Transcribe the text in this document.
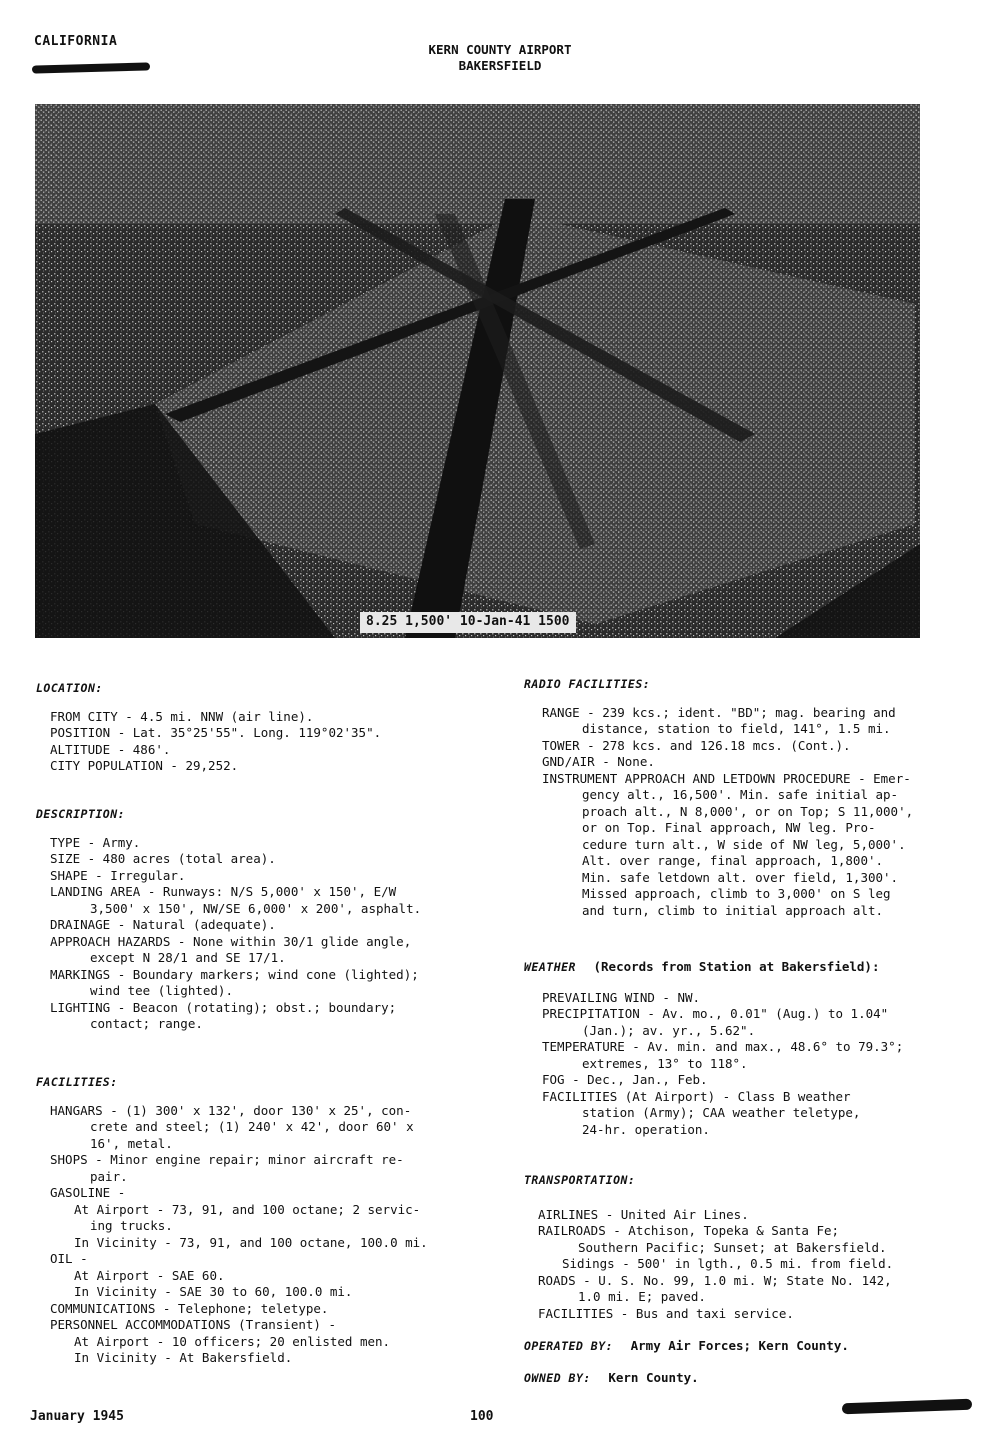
CALIFORNIA
KERN COUNTY AIRPORT
BAKERSFIELD
8.25 1,500' 10-Jan-41 1500
LOCATION:
FROM CITY - 4.5 mi. NNW (air line).
POSITION - Lat. 35°25'55". Long. 119°02'35".
ALTITUDE - 486'.
CITY POPULATION - 29,252.
DESCRIPTION:
TYPE - Army.
SIZE - 480 acres (total area).
SHAPE - Irregular.
LANDING AREA - Runways: N/S 5,000' x 150', E/W
3,500' x 150', NW/SE 6,000' x 200', asphalt.
DRAINAGE - Natural (adequate).
APPROACH HAZARDS - None within 30/1 glide angle,
except N 28/1 and SE 17/1.
MARKINGS - Boundary markers; wind cone (lighted);
wind tee (lighted).
LIGHTING - Beacon (rotating); obst.; boundary;
contact; range.
FACILITIES:
HANGARS - (1) 300' x 132', door 130' x 25', con-
crete and steel; (1) 240' x 42', door 60' x
16', metal.
SHOPS - Minor engine repair; minor aircraft re-
pair.
GASOLINE -
At Airport - 73, 91, and 100 octane; 2 servic-
ing trucks.
In Vicinity - 73, 91, and 100 octane, 100.0 mi.
OIL -
At Airport - SAE 60.
In Vicinity - SAE 30 to 60, 100.0 mi.
COMMUNICATIONS - Telephone; teletype.
PERSONNEL ACCOMMODATIONS (Transient) -
At Airport - 10 officers; 20 enlisted men.
In Vicinity - At Bakersfield.
RADIO FACILITIES:
RANGE - 239 kcs.; ident. "BD"; mag. bearing and
distance, station to field, 141°, 1.5 mi.
TOWER - 278 kcs. and 126.18 mcs. (Cont.).
GND/AIR - None.
INSTRUMENT APPROACH AND LETDOWN PROCEDURE - Emer-
gency alt., 16,500'. Min. safe initial ap-
proach alt., N 8,000', or on Top; S 11,000',
or on Top. Final approach, NW leg. Pro-
cedure turn alt., W side of NW leg, 5,000'.
Alt. over range, final approach, 1,800'.
Min. safe letdown alt. over field, 1,300'.
Missed approach, climb to 3,000' on S leg
and turn, climb to initial approach alt.
WEATHER (Records from Station at Bakersfield):
PREVAILING WIND - NW.
PRECIPITATION - Av. mo., 0.01" (Aug.) to 1.04"
(Jan.); av. yr., 5.62".
TEMPERATURE - Av. min. and max., 48.6° to 79.3°;
extremes, 13° to 118°.
FOG - Dec., Jan., Feb.
FACILITIES (At Airport) - Class B weather
station (Army); CAA weather teletype,
24-hr. operation.
TRANSPORTATION:
AIRLINES - United Air Lines.
RAILROADS - Atchison, Topeka & Santa Fe;
Southern Pacific; Sunset; at Bakersfield.
Sidings - 500' in lgth., 0.5 mi. from field.
ROADS - U. S. No. 99, 1.0 mi. W; State No. 142,
1.0 mi. E; paved.
FACILITIES - Bus and taxi service.
OPERATED BY: Army Air Forces; Kern County.
OWNED BY: Kern County.
January 1945	100
